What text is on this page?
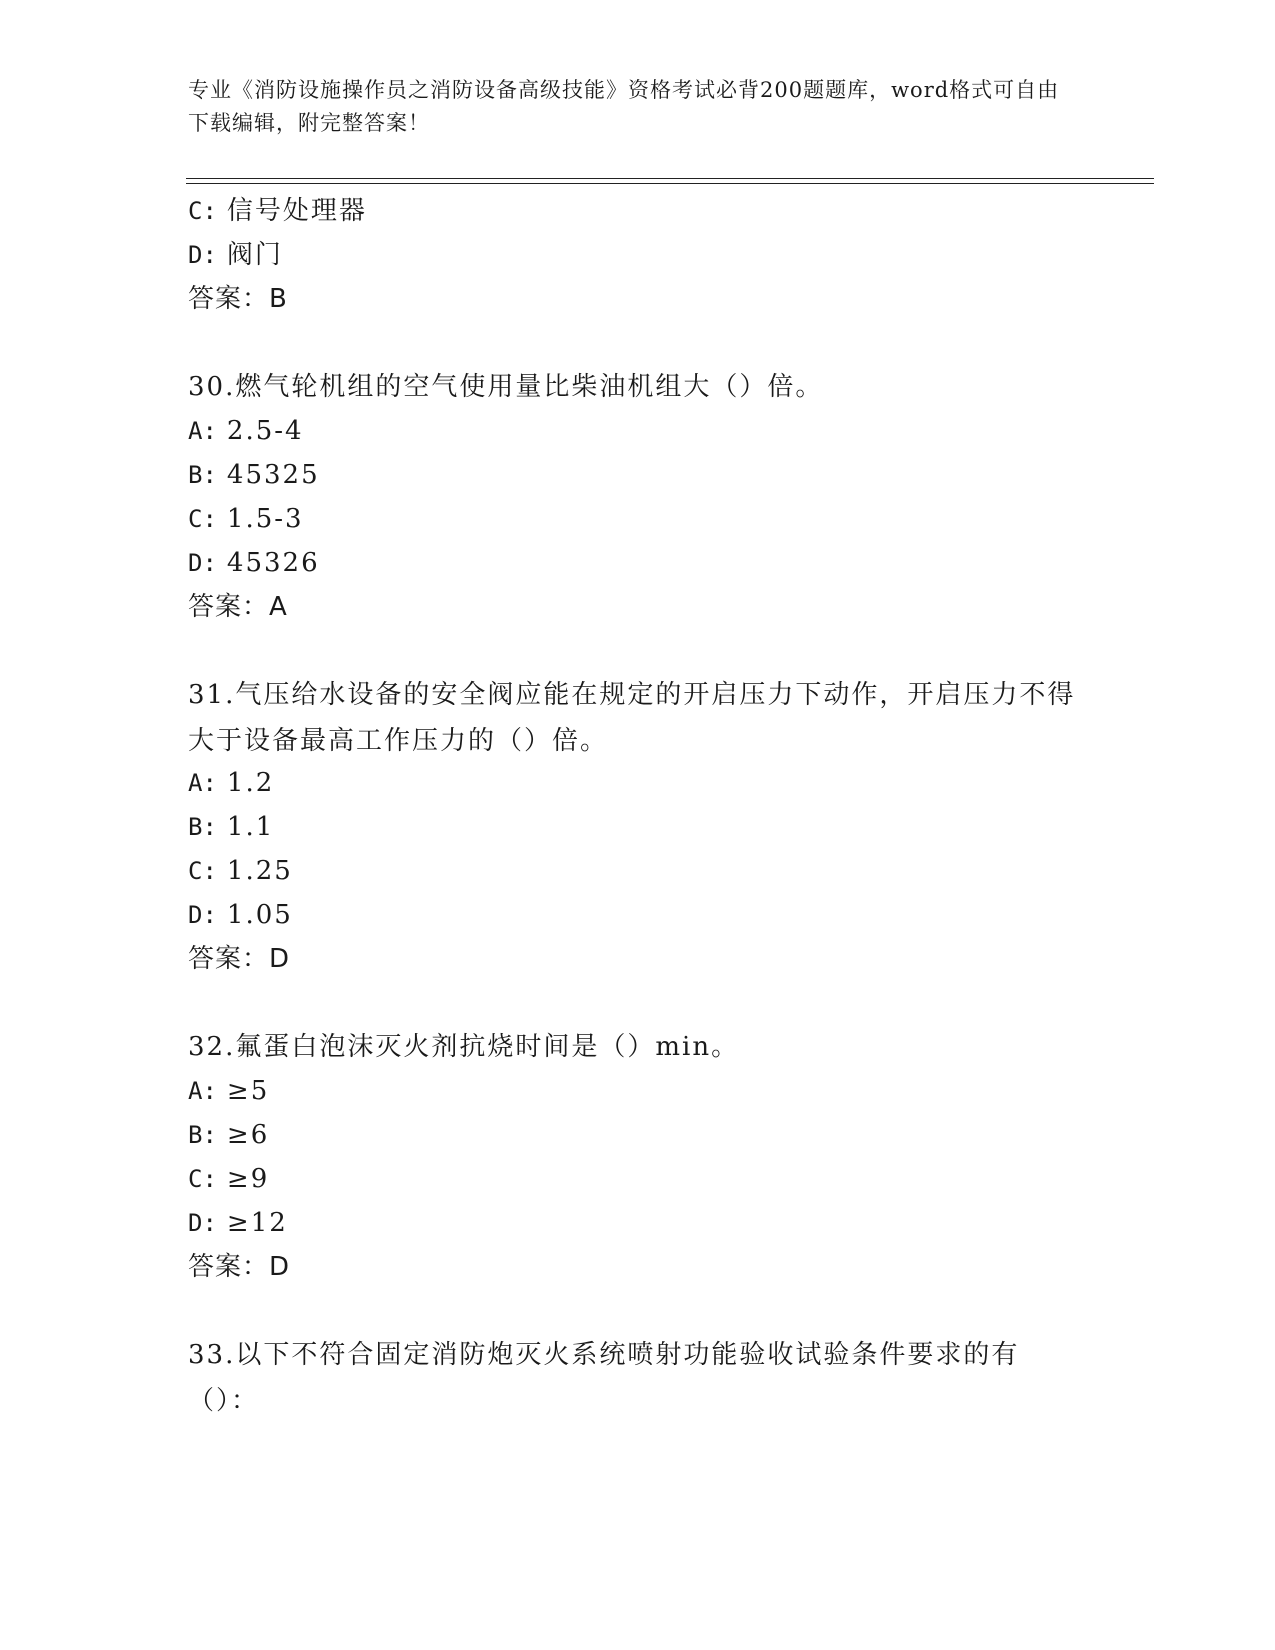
专业《消防设施操作员之消防设备高级技能》资格考试必背200题题库，word格式可自由下载编辑，附完整答案！
C: 信号处理器
D: 阀门
答案：B
30.燃气轮机组的空气使用量比柴油机组大（）倍。
A: 2.5-4
B: 45325
C: 1.5-3
D: 45326
答案：A
31.气压给水设备的安全阀应能在规定的开启压力下动作，开启压力不得大于设备最高工作压力的（）倍。
A: 1.2
B: 1.1
C: 1.25
D: 1.05
答案：D
32.氟蛋白泡沫灭火剂抗烧时间是（）min。
A: ≥5
B: ≥6
C: ≥9
D: ≥12
答案：D
33.以下不符合固定消防炮灭火系统喷射功能验收试验条件要求的有（）：
